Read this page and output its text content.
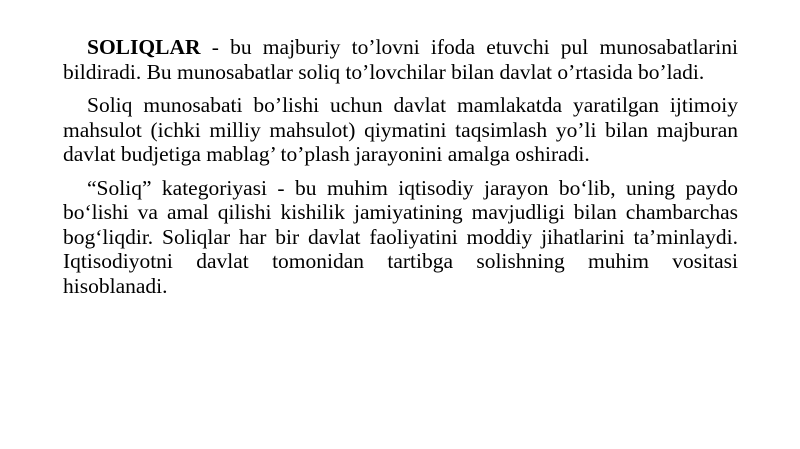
SOLIQLAR - bu majburiy to’lovni ifoda etuvchi pul munosabatlarini bildiradi. Bu munosabatlar soliq to’lovchilar bilan davlat o’rtasida bo’ladi.

Soliq munosabati bo’lishi uchun davlat mamlakatda yaratilgan ijtimoiy mahsulot (ichki milliy mahsulot) qiymatini taqsimlash yo’li bilan majburan davlat budjetiga mablag’ to’plash jarayonini amalga oshiradi.

“Soliq” kategoriyasi - bu muhim iqtisodiy jarayon bo‘lib, uning paydo bo‘lishi va amal qilishi kishilik jamiyatining mavjudligi bilan chambarchas bog‘liqdir. Soliqlar har bir davlat faoliyatini moddiy jihatlarini ta’minlaydi. Iqtisodiyotni davlat tomonidan tartibga solishning muhim vositasi hisoblanadi.
